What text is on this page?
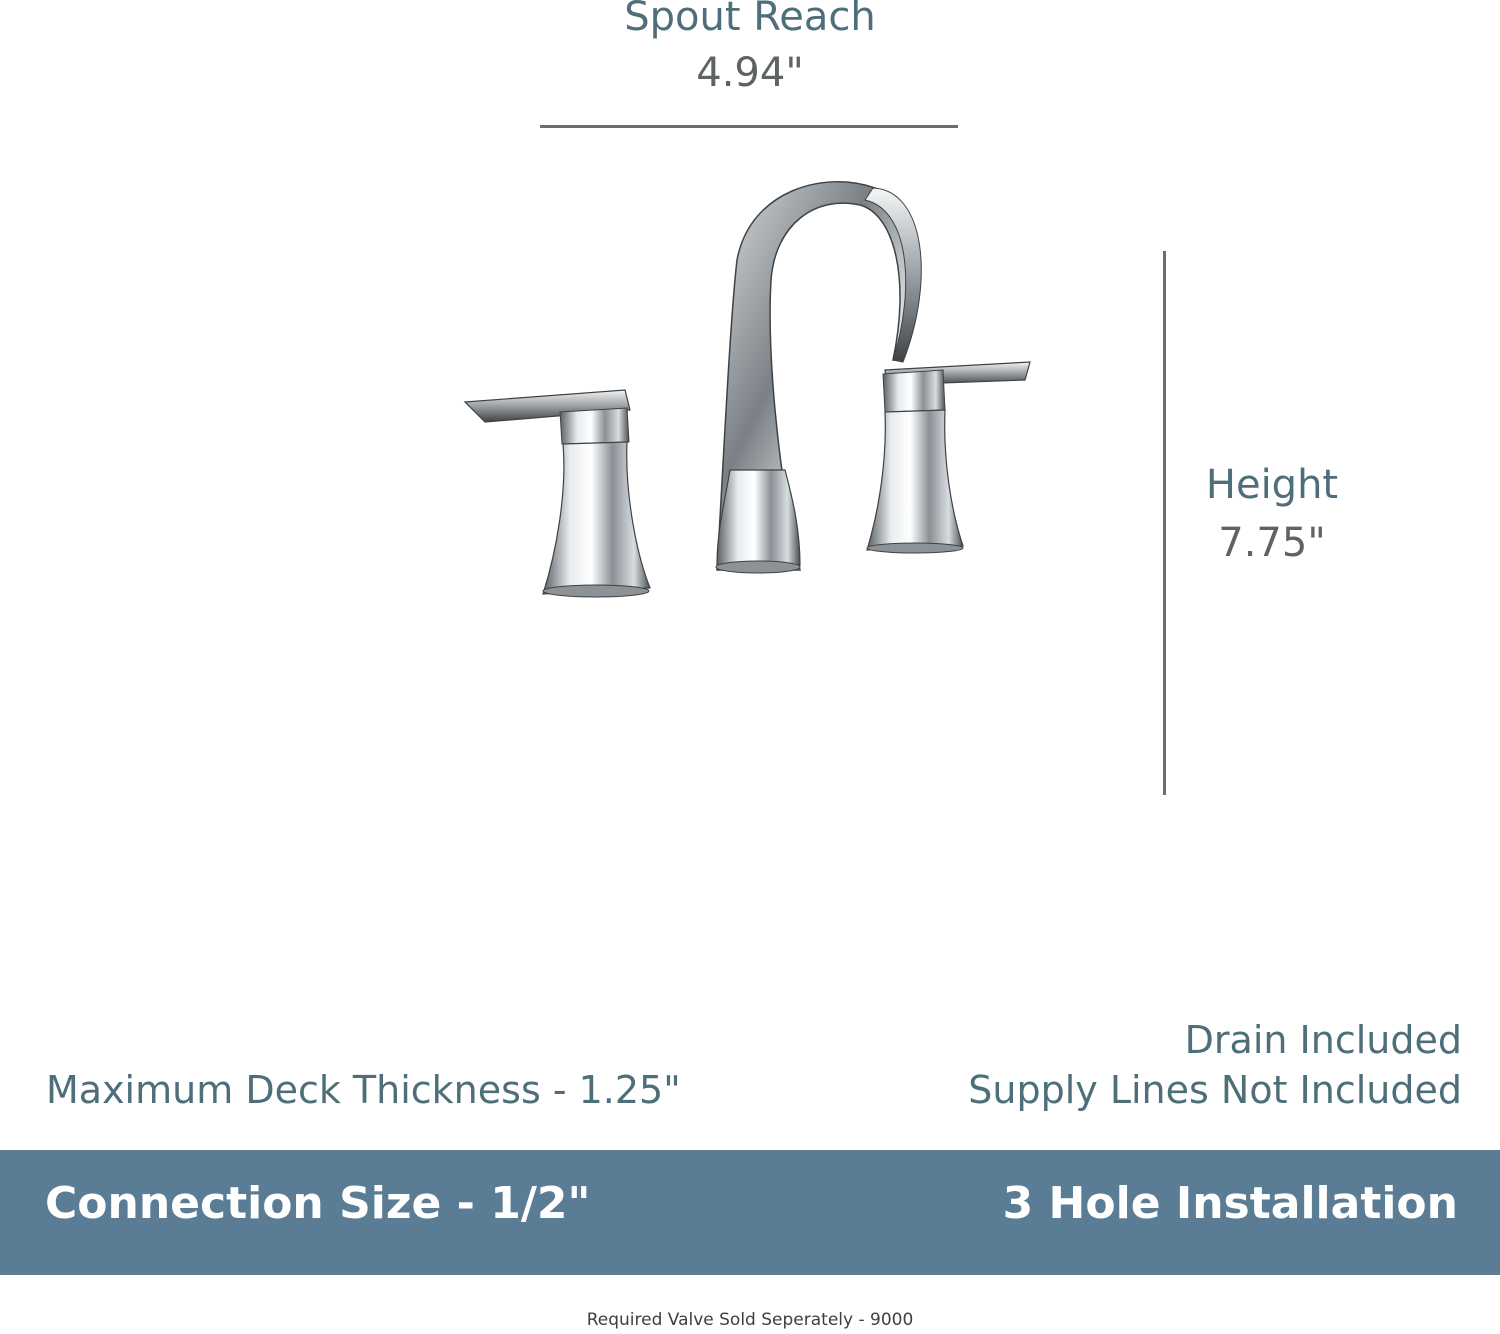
Spout Reach
4.94"
Height
7.75"
Maximum Deck Thickness - 1.25"
Drain Included
Supply Lines Not Included
Connection Size - 1/2"	3 Hole Installation
Required Valve Sold Seperately - 9000
